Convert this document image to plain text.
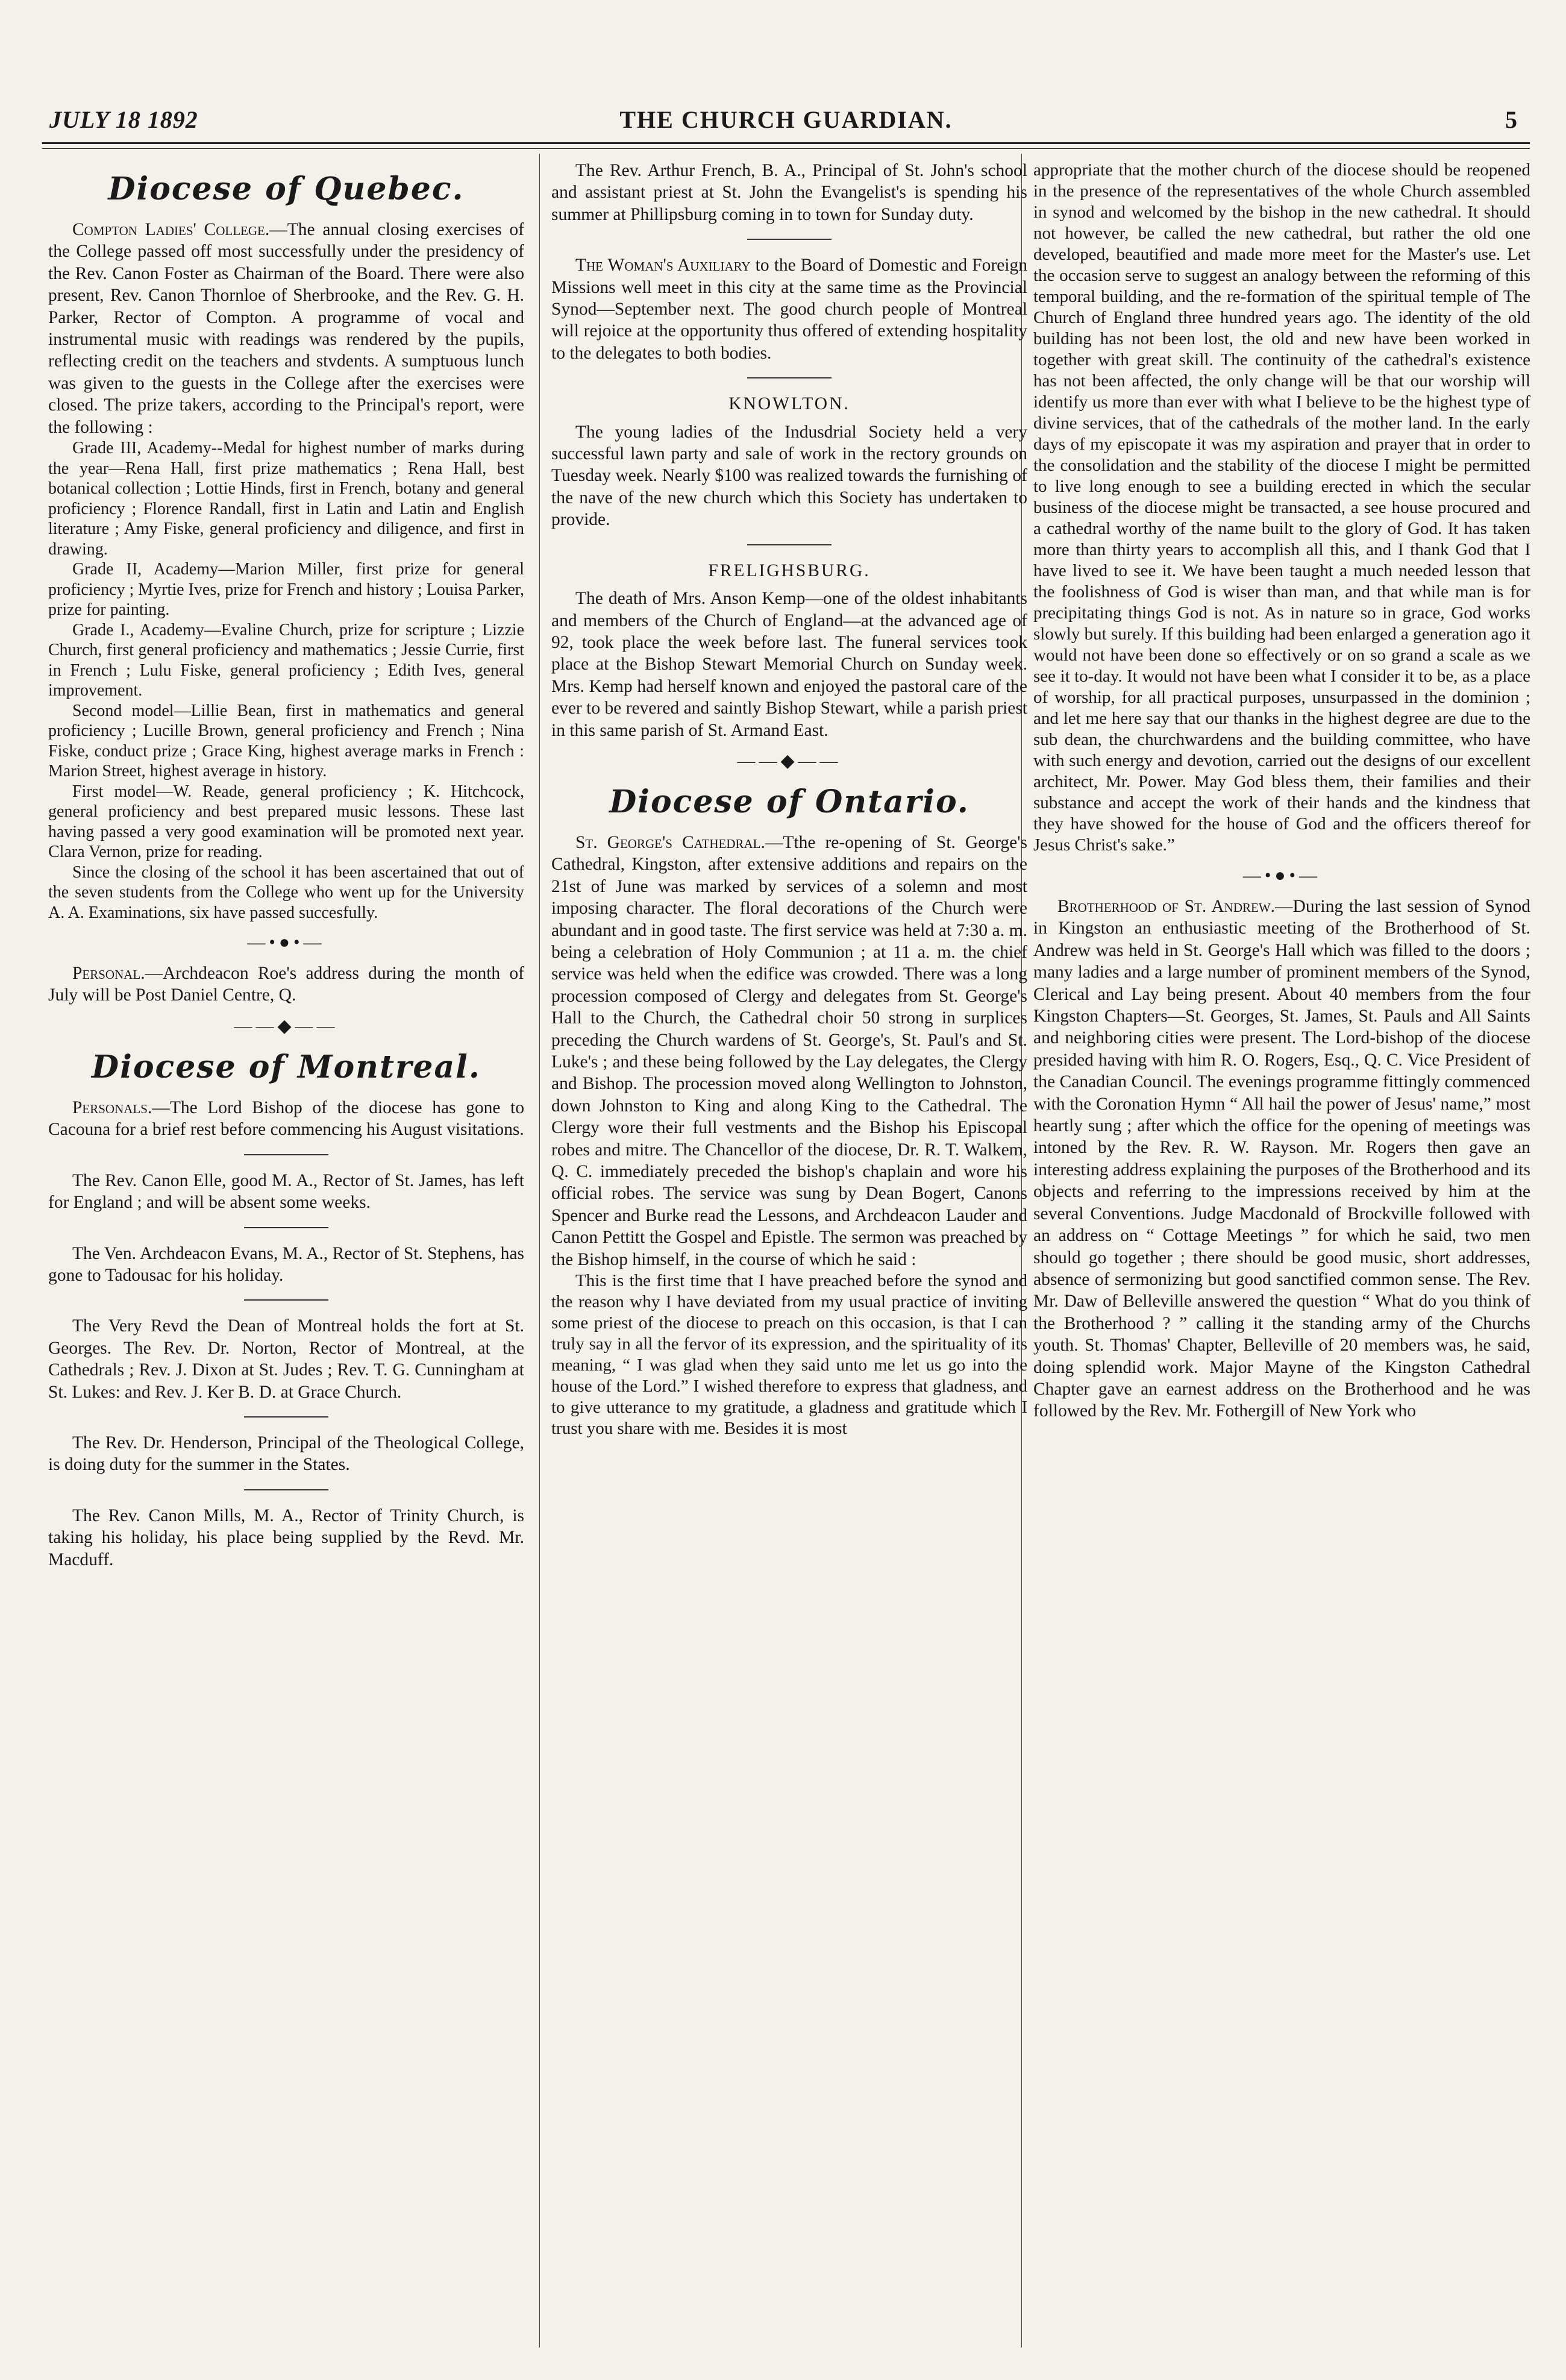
JULY 18 1892	THE CHURCH GUARDIAN.	5
Diocese of Quebec.

Compton Ladies' College.—The annual closing exercises of the College passed off most successfully under the presidency of the Rev. Canon Foster as Chairman of the Board. There were also present, Rev. Canon Thornloe of Sherbrooke, and the Rev. G. H. Parker, Rector of Compton. A programme of vocal and instrumental music with readings was rendered by the pupils, reflecting credit on the teachers and stvdents. A sumptuous lunch was given to the guests in the College after the exercises were closed. The prize takers, according to the Principal's report, were the following :

Grade III, Academy--Medal for highest number of marks during the year—Rena Hall, first prize mathematics ; Rena Hall, best botanical collection ; Lottie Hinds, first in French, botany and general proficiency ; Florence Randall, first in Latin and Latin and English literature ; Amy Fiske, general proficiency and diligence, and first in drawing.

Grade II, Academy—Marion Miller, first prize for general proficiency ; Myrtie Ives, prize for French and history ; Louisa Parker, prize for painting.

Grade I., Academy—Evaline Church, prize for scripture ; Lizzie Church, first general proficiency and mathematics ; Jessie Currie, first in French ; Lulu Fiske, general proficiency ; Edith Ives, general improvement.

Second model—Lillie Bean, first in mathematics and general proficiency ; Lucille Brown, general proficiency and French ; Nina Fiske, conduct prize ; Grace King, highest average marks in French : Marion Street, highest average in history.

First model—W. Reade, general proficiency ; K. Hitchcock, general proficiency and best prepared music lessons. These last having passed a very good examination will be promoted next year. Clara Vernon, prize for reading.

Since the closing of the school it has been ascertained that out of the seven students from the College who went up for the University A. A. Examinations, six have passed succesfully.

—•●•—

Personal.—Archdeacon Roe's address during the month of July will be Post Daniel Centre, Q.

——◆——
Diocese of Montreal.

Personals.—The Lord Bishop of the diocese has gone to Cacouna for a brief rest before commencing his August visitations.

The Rev. Canon Elle, good M. A., Rector of St. James, has left for England ; and will be absent some weeks.

The Ven. Archdeacon Evans, M. A., Rector of St. Stephens, has gone to Tadousac for his holiday.

The Very Revd the Dean of Montreal holds the fort at St. Georges. The Rev. Dr. Norton, Rector of Montreal, at the Cathedrals ; Rev. J. Dixon at St. Judes ; Rev. T. G. Cunningham at St. Lukes: and Rev. J. Ker B. D. at Grace Church.

The Rev. Dr. Henderson, Principal of the Theological College, is doing duty for the summer in the States.

The Rev. Canon Mills, M. A., Rector of Trinity Church, is taking his holiday, his place being supplied by the Revd. Mr. Macduff.

The Rev. Arthur French, B. A., Principal of St. John's school and assistant priest at St. John the Evangelist's is spending his summer at Phillipsburg coming in to town for Sunday duty.

The Woman's Auxiliary to the Board of Domestic and Foreign Missions well meet in this city at the same time as the Provincial Synod—September next. The good church people of Montreal will rejoice at the opportunity thus offered of extending hospitality to the delegates to both bodies.

KNOWLTON.

The young ladies of the Indusdrial Society held a very successful lawn party and sale of work in the rectory grounds on Tuesday week. Nearly $100 was realized towards the furnishing of the nave of the new church which this Society has undertaken to provide.

FRELIGHSBURG.

The death of Mrs. Anson Kemp—one of the oldest inhabitants and members of the Church of England—at the advanced age of 92, took place the week before last. The funeral services took place at the Bishop Stewart Memorial Church on Sunday week. Mrs. Kemp had herself known and enjoyed the pastoral care of the ever to be revered and saintly Bishop Stewart, while a parish priest in this same parish of St. Armand East.

——◆——
Diocese of Ontario.

St. George's Cathedral.—Tthe re-opening of St. George's Cathedral, Kingston, after extensive additions and repairs on the 21st of June was marked by services of a solemn and most imposing character. The floral decorations of the Church were abundant and in good taste. The first service was held at 7:30 a. m. being a celebration of Holy Communion ; at 11 a. m. the chief service was held when the edifice was crowded. There was a long procession composed of Clergy and delegates from St. George's Hall to the Church, the Cathedral choir 50 strong in surplices preceding the Church wardens of St. George's, St. Paul's and St. Luke's ; and these being followed by the Lay delegates, the Clergy and Bishop. The procession moved along Wellington to Johnston, down Johnston to King and along King to the Cathedral. The Clergy wore their full vestments and the Bishop his Episcopal robes and mitre. The Chancellor of the diocese, Dr. R. T. Walkem, Q. C. immediately preceded the bishop's chaplain and wore his official robes. The service was sung by Dean Bogert, Canons Spencer and Burke read the Lessons, and Archdeacon Lauder and Canon Pettitt the Gospel and Epistle. The sermon was preached by the Bishop himself, in the course of which he said :

This is the first time that I have preached before the synod and the reason why I have deviated from my usual practice of inviting some priest of the diocese to preach on this occasion, is that I can truly say in all the fervor of its expression, and the spirituality of its meaning, “ I was glad when they said unto me let us go into the house of the Lord.” I wished therefore to express that gladness, and to give utterance to my gratitude, a gladness and gratitude which I trust you share with me. Besides it is most

appropriate that the mother church of the diocese should be reopened in the presence of the representatives of the whole Church assembled in synod and welcomed by the bishop in the new cathedral. It should not however, be called the new cathedral, but rather the old one developed, beautified and made more meet for the Master's use. Let the occasion serve to suggest an analogy between the reforming of this temporal building, and the re-formation of the spiritual temple of The Church of England three hundred years ago. The identity of the old building has not been lost, the old and new have been worked in together with great skill. The continuity of the cathedral's existence has not been affected, the only change will be that our worship will identify us more than ever with what I believe to be the highest type of divine services, that of the cathedrals of the mother land. In the early days of my episcopate it was my aspiration and prayer that in order to the consolidation and the stability of the diocese I might be permitted to live long enough to see a building erected in which the secular business of the diocese might be transacted, a see house procured and a cathedral worthy of the name built to the glory of God. It has taken more than thirty years to accomplish all this, and I thank God that I have lived to see it. We have been taught a much needed lesson that the foolishness of God is wiser than man, and that while man is for precipitating things God is not. As in nature so in grace, God works slowly but surely. If this building had been enlarged a generation ago it would not have been done so effectively or on so grand a scale as we see it to-day. It would not have been what I consider it to be, as a place of worship, for all practical purposes, unsurpassed in the dominion ; and let me here say that our thanks in the highest degree are due to the sub dean, the churchwardens and the building committee, who have with such energy and devotion, carried out the designs of our excellent architect, Mr. Power. May God bless them, their families and their substance and accept the work of their hands and the kindness that they have showed for the house of God and the officers thereof for Jesus Christ's sake.”

—•●•—

Brotherhood of St. Andrew.—During the last session of Synod in Kingston an enthusiastic meeting of the Brotherhood of St. Andrew was held in St. George's Hall which was filled to the doors ; many ladies and a large number of prominent members of the Synod, Clerical and Lay being present. About 40 members from the four Kingston Chapters—St. Georges, St. James, St. Pauls and All Saints and neighboring cities were present. The Lord-bishop of the diocese presided having with him R. O. Rogers, Esq., Q. C. Vice President of the Canadian Council. The evenings programme fittingly commenced with the Coronation Hymn “ All hail the power of Jesus' name,” most heartly sung ; after which the office for the opening of meetings was intoned by the Rev. R. W. Rayson. Mr. Rogers then gave an interesting address explaining the purposes of the Brotherhood and its objects and referring to the impressions received by him at the several Conventions. Judge Macdonald of Brockville followed with an address on “ Cottage Meetings ” for which he said, two men should go together ; there should be good music, short addresses, absence of sermonizing but good sanctified common sense. The Rev. Mr. Daw of Belleville answered the question “ What do you think of the Brotherhood ? ” calling it the standing army of the Churchs youth. St. Thomas' Chapter, Belleville of 20 members was, he said, doing splendid work. Major Mayne of the Kingston Cathedral Chapter gave an earnest address on the Brotherhood and he was followed by the Rev. Mr. Fothergill of New York who
